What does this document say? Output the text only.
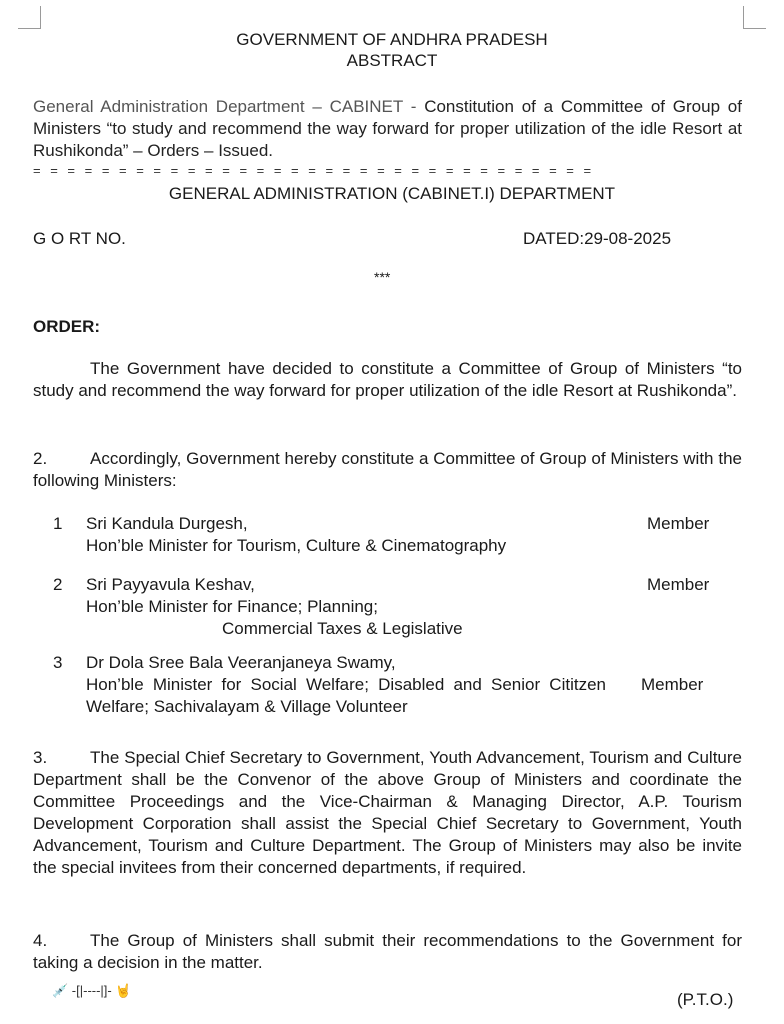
GOVERNMENT OF ANDHRA PRADESH
ABSTRACT
General Administration Department – CABINET - Constitution of a Committee of Group of Ministers “to study and recommend the way forward for proper utilization of the idle Resort at Rushikonda” – Orders – Issued.
= = = = = = = = = = = = = = = = = = = = = = = = = = = = = = = = =
GENERAL ADMINISTRATION (CABINET.I) DEPARTMENT
G O RT NO.	DATED:29-08-2025
***
ORDER:
The Government have decided to constitute a Committee of Group of Ministers “to study and recommend the way forward for proper utilization of the idle Resort at Rushikonda”.
2.	Accordingly, Government hereby constitute a Committee of Group of Ministers with the following Ministers:
1 Sri Kandula Durgesh,
Hon’ble Minister for Tourism, Culture & Cinematography
Member
2 Sri Payyavula Keshav,
Hon’ble Minister for Finance; Planning;
Commercial Taxes & Legislative
Member
3 Dr Dola Sree Bala Veeranjaneya Swamy,
Hon’ble Minister for Social Welfare; Disabled and Senior Cititzen Welfare; Sachivalayam & Village Volunteer
Member
3.	The Special Chief Secretary to Government, Youth Advancement, Tourism and Culture Department shall be the Convenor of the above Group of Ministers and coordinate the Committee Proceedings and the Vice-Chairman & Managing Director, A.P. Tourism Development Corporation shall assist the Special Chief Secretary to Government, Youth Advancement, Tourism and Culture Department. The Group of Ministers may also be invite the special invitees from their concerned departments, if required.
4.	The Group of Ministers shall submit their recommendations to the Government for taking a decision in the matter.
💉 -[|----|]- 🤘	(P.T.O.)
